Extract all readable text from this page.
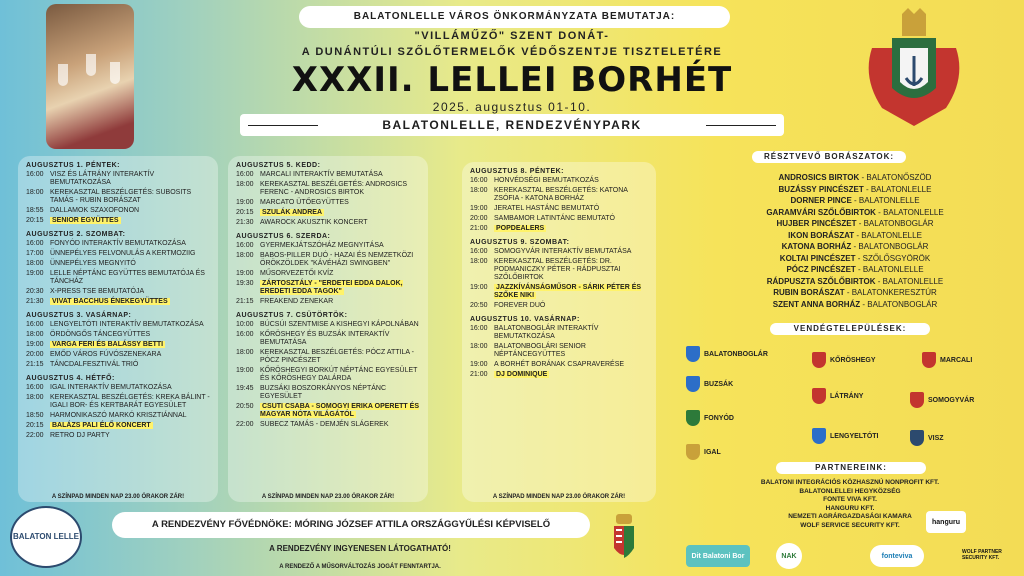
BALATONLELLE VÁROS ÖNKORMÁNYZATA BEMUTATJA:
"VILLÁMŰZŐ" SZENT DONÁT-
A DUNÁNTÚLI SZŐLŐTERMELŐK VÉDŐSZENTJE TISZTELETÉRE
XXXII. LELLEI BORHÉT
2025. augusztus 01-10.
BALATONLELLE, RENDEZVÉNYPARK
AUGUSZTUS 1. PÉNTEK:
16:00 VISZ ÉS LÁTRÁNY INTERAKTÍV BEMUTATKOZÁSA
18:00 KEREKASZTAL BESZÉLGETÉS: SUBOSITS TAMÁS - RUBIN BORÁSZAT
18:55 DALLAMOK SZAXOFONON
20:15	SENIOR EGYÜTTES
AUGUSZTUS 2. SZOMBAT:
16:00 FONYÓD INTERAKTÍV BEMUTATKOZÁSA
17:00 ÜNNEPÉLYES FELVONULÁS A KERTMOZIIG
18:00 ÜNNEPÉLYES MEGNYITÓ
19:00 LELLE NÉPTÁNC EGYÜTTES BEMUTATÓJA ÉS TÁNCHÁZ
20:30 X-PRESS TSE BEMUTATÓJA
21:30	VIVAT BACCHUS ÉNEKEGYÜTTES
AUGUSZTUS 3. VASÁRNAP:
16:00 LENGYELTÓTI INTERAKTÍV BEMUTATKOZÁSA
18:00 ÖRDÖNGŐS TÁNCEGYÜTTES
19:00	VARGA FERI ÉS BALÁSSY BETTI
20:00 EMŐD VÁROS FÚVÓSZENEKARA
21:15 TÁNCDALFESZTIVÁL TRIÓ
AUGUSZTUS 4. HÉTFŐ:
16:00 IGAL INTERAKTÍV BEMUTATKOZÁSA
18:00 KEREKASZTAL BESZÉLGETÉS: KREKA BÁLINT - IGALI BOR- ÉS KERTBARÁT EGYESÜLET
18:50 HARMONIKASZÓ MARKÓ KRISZTIÁNNAL
20:15	BALÁZS PALI ÉLŐ KONCERT
22:00 RETRO DJ PARTY
A SZÍNPAD MINDEN NAP 23.00 ÓRAKOR ZÁR!
AUGUSZTUS 5. KEDD:
16:00 MARCALI INTERAKTÍV BEMUTATÁSA
18:00 KEREKASZTAL BESZÉLGETÉS: ANDROSICS FERENC - ANDROSICS BIRTOK
19:00 MARCATO ÜTŐEGYÜTTES
20:15	SZULÁK ANDREA
21:30 AWAROCK AKUSZTIK KONCERT
AUGUSZTUS 6. SZERDA:
16:00 GYERMEKJÁTSZÓHÁZ MEGNYITÁSA
18:00 BABOS-PILLER DUÓ - HAZAI ÉS NEMZETKÖZI ÖRÖKZÖLDEK "KÁVÉHÁZI SWINGBEN"
19:00 MŰSORVEZETŐI KVÍZ
19:30	ZÁRTOSZTÁLY - "ERDETEI EDDA DALOK, EREDETI EDDA TAGOK"
21:15 FREAKEND ZENEKAR
AUGUSZTUS 7. CSÜTÖRTÖK:
10:00 BÚCSÚI SZENTMISE A KISHEGYI KÁPOLNÁBAN
16:00 KŐRÖSHEGY ÉS BUZSÁK INTERAKTÍV BEMUTATÁSA
18:00 KEREKASZTAL BESZÉLGETÉS: PÓCZ ATTILA - PÓCZ PINCÉSZET
19:00 KŐRÖSHEGYI BORKÚT NÉPTÁNC EGYESÜLET ÉS KŐRÖSHEGY DALÁRDA
19:45 BUZSÁKI BOSZORKÁNYOS NÉPTÁNC EGYESÜLET
20:50	CSUTI CSABA - SOMOGYI ERIKA OPERETT ÉS MAGYAR NÓTA VILÁGÁTÓL
22:00 SUBECZ TAMÁS - DEMJÉN SLÁGEREK
A SZÍNPAD MINDEN NAP 23.00 ÓRAKOR ZÁR!
AUGUSZTUS 8. PÉNTEK:
16:00 HONVÉDSÉGI BEMUTATKOZÁS
18:00 KEREKASZTAL BESZÉLGETÉS: KATONA ZSÓFIA - KATONA BORHÁZ
19:00 JERATEL HASTÁNC BEMUTATÓ
20:00 SAMBAMOR LATINTÁNC BEMUTATÓ
21:00	POPDEALERS
AUGUSZTUS 9. SZOMBAT:
16:00 SOMOGYVÁR INTERAKTÍV BEMUTATÁSA
18:00 KEREKASZTAL BESZÉLGETÉS: DR. PODMANICZKY PÉTER - RÁDPUSZTAI SZŐLŐBIRTOK
19:00	JAZZKÍVÁNSÁGMŰSOR - SÁRIK PÉTER ÉS SZŐKE NIKI
20:50 FOREVER DUÓ
AUGUSZTUS 10. VASÁRNAP:
16:00 BALATONBOGLÁR INTERAKTÍV BEMUTATKOZÁSA
18:00 BALATONBOGLÁRI SENIOR NÉPTÁNCEGYÜTTES
19:00 A BORHÉT BORÁNAK CSAPRAVERÉSE
21:00	DJ DOMINIQUE
A SZÍNPAD MINDEN NAP 23.00 ÓRAKOR ZÁR!
RÉSZTVEVŐ BORÁSZATOK:
ANDROSICS BIRTOK - BALATONŐSZÖD
BUZÁSSY PINCÉSZET - BALATONLELLE
DORNER PINCE - BALATONLELLE
GARAMVÁRI SZŐLŐBIRTOK - BALATONLELLE
HUJBER PINCÉSZET - BALATONBOGLÁR
IKON BORÁSZAT - BALATONLELLE
KATONA BORHÁZ - BALATONBOGLÁR
KOLTAI PINCÉSZET - SZŐLŐSGYÖRÖK
PÓCZ PINCÉSZET - BALATONLELLE
RÁDPUSZTA SZŐLŐBIRTOK - BALATONLELLE
RUBIN BORÁSZAT - BALATONKERESZTÚR
SZENT ANNA BORHÁZ - BALATONBOGLÁR
VENDÉGTELEPÜLÉSEK:
BALATONBOGLÁR
KŐRÖSHEGY	MARCALI
BUZSÁK
LÁTRÁNY
SOMOGYVÁR
FONYÓD
LENGYELTÓTI	VISZ
IGAL
PARTNEREINK:
BALATONI INTEGRÁCIÓS KÖZHASZNÚ NONPROFIT KFT.
BALATONLELLEI HEGYKÖZSÉG
FONTE VIVA KFT.
HANGURU KFT.
NEMZETI AGRÁRGAZDASÁGI KAMARA
WOLF SERVICE SECURITY KFT.	hanguru
Dit Balatoni Bor	NAK	fonteviva
WOLF PARTNER SECURITY KFT.
BALATON LELLE
A RENDEZVÉNY FŐVÉDNÖKE: MÓRING JÓZSEF ATTILA ORSZÁGGYŰLÉSI KÉPVISELŐ
A RENDEZVÉNY INGYENESEN LÁTOGATHATÓ!
A RENDEZŐ A MŰSORVÁLTOZÁS JOGÁT FENNTARTJA.
